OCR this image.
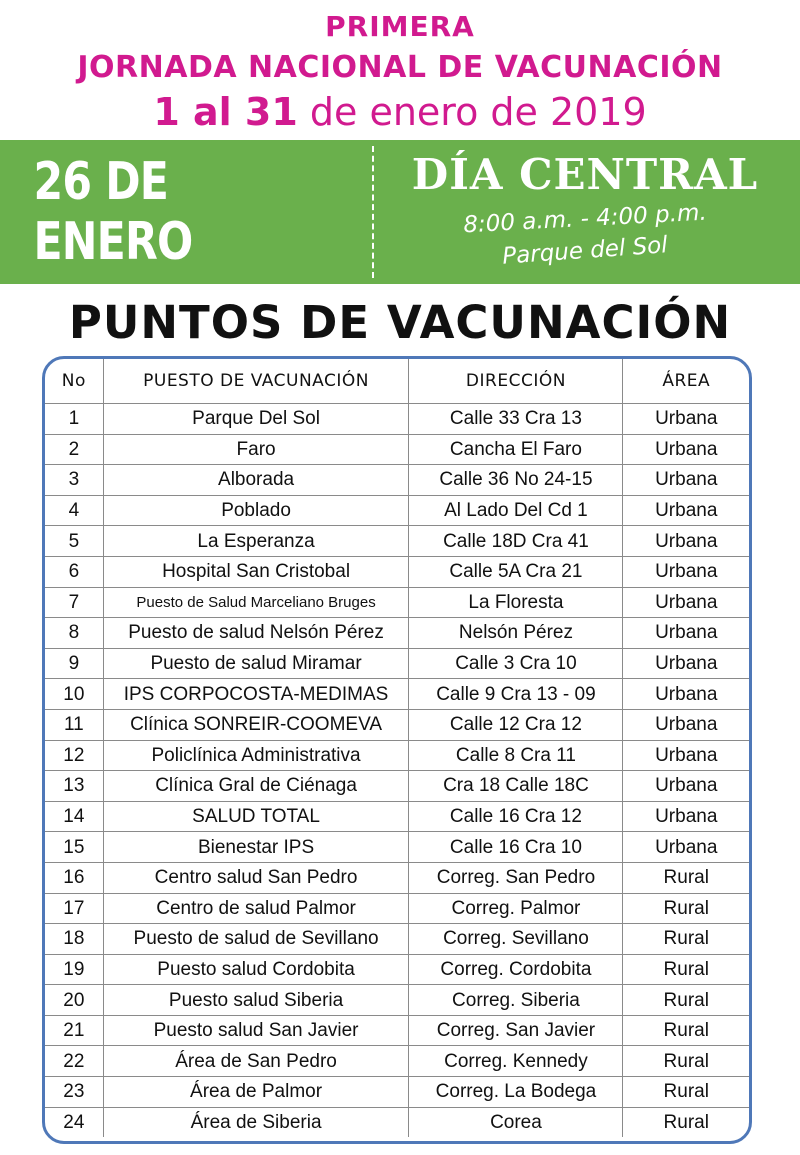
PRIMERA
JORNADA NACIONAL DE VACUNACIÓN
1 al 31 de enero de 2019
26 DE ENERO
DÍA CENTRAL
8:00 a.m. - 4:00 p.m.
Parque del Sol
PUNTOS DE VACUNACIÓN
No	PUESTO DE VACUNACIÓN	DIRECCIÓN	ÁREA
1	Parque Del Sol	Calle 33 Cra 13	Urbana
2	Faro	Cancha El Faro	Urbana
3	Alborada	Calle 36 No 24-15	Urbana
4	Poblado	Al Lado Del Cd 1	Urbana
5	La Esperanza	Calle 18D Cra 41	Urbana
6	Hospital San Cristobal	Calle 5A Cra 21	Urbana
7	Puesto de Salud Marceliano Bruges	La Floresta	Urbana
8	Puesto de salud Nelsón Pérez	Nelsón Pérez	Urbana
9	Puesto de salud Miramar	Calle 3 Cra 10	Urbana
10	IPS CORPOCOSTA-MEDIMAS	Calle 9 Cra 13 - 09	Urbana
11	Clínica SONREIR-COOMEVA	Calle 12 Cra 12	Urbana
12	Policlínica Administrativa	Calle 8 Cra 11	Urbana
13	Clínica Gral de Ciénaga	Cra 18 Calle 18C	Urbana
14	SALUD TOTAL	Calle 16 Cra 12	Urbana
15	Bienestar IPS	Calle 16 Cra 10	Urbana
16	Centro salud San Pedro	Correg. San Pedro	Rural
17	Centro de salud Palmor	Correg. Palmor	Rural
18	Puesto de salud de Sevillano	Correg. Sevillano	Rural
19	Puesto salud Cordobita	Correg. Cordobita	Rural
20	Puesto salud Siberia	Correg. Siberia	Rural
21	Puesto salud San Javier	Correg. San Javier	Rural
22	Área de San Pedro	Correg. Kennedy	Rural
23	Área de Palmor	Correg. La Bodega	Rural
24	Área de Siberia	Corea	Rural
